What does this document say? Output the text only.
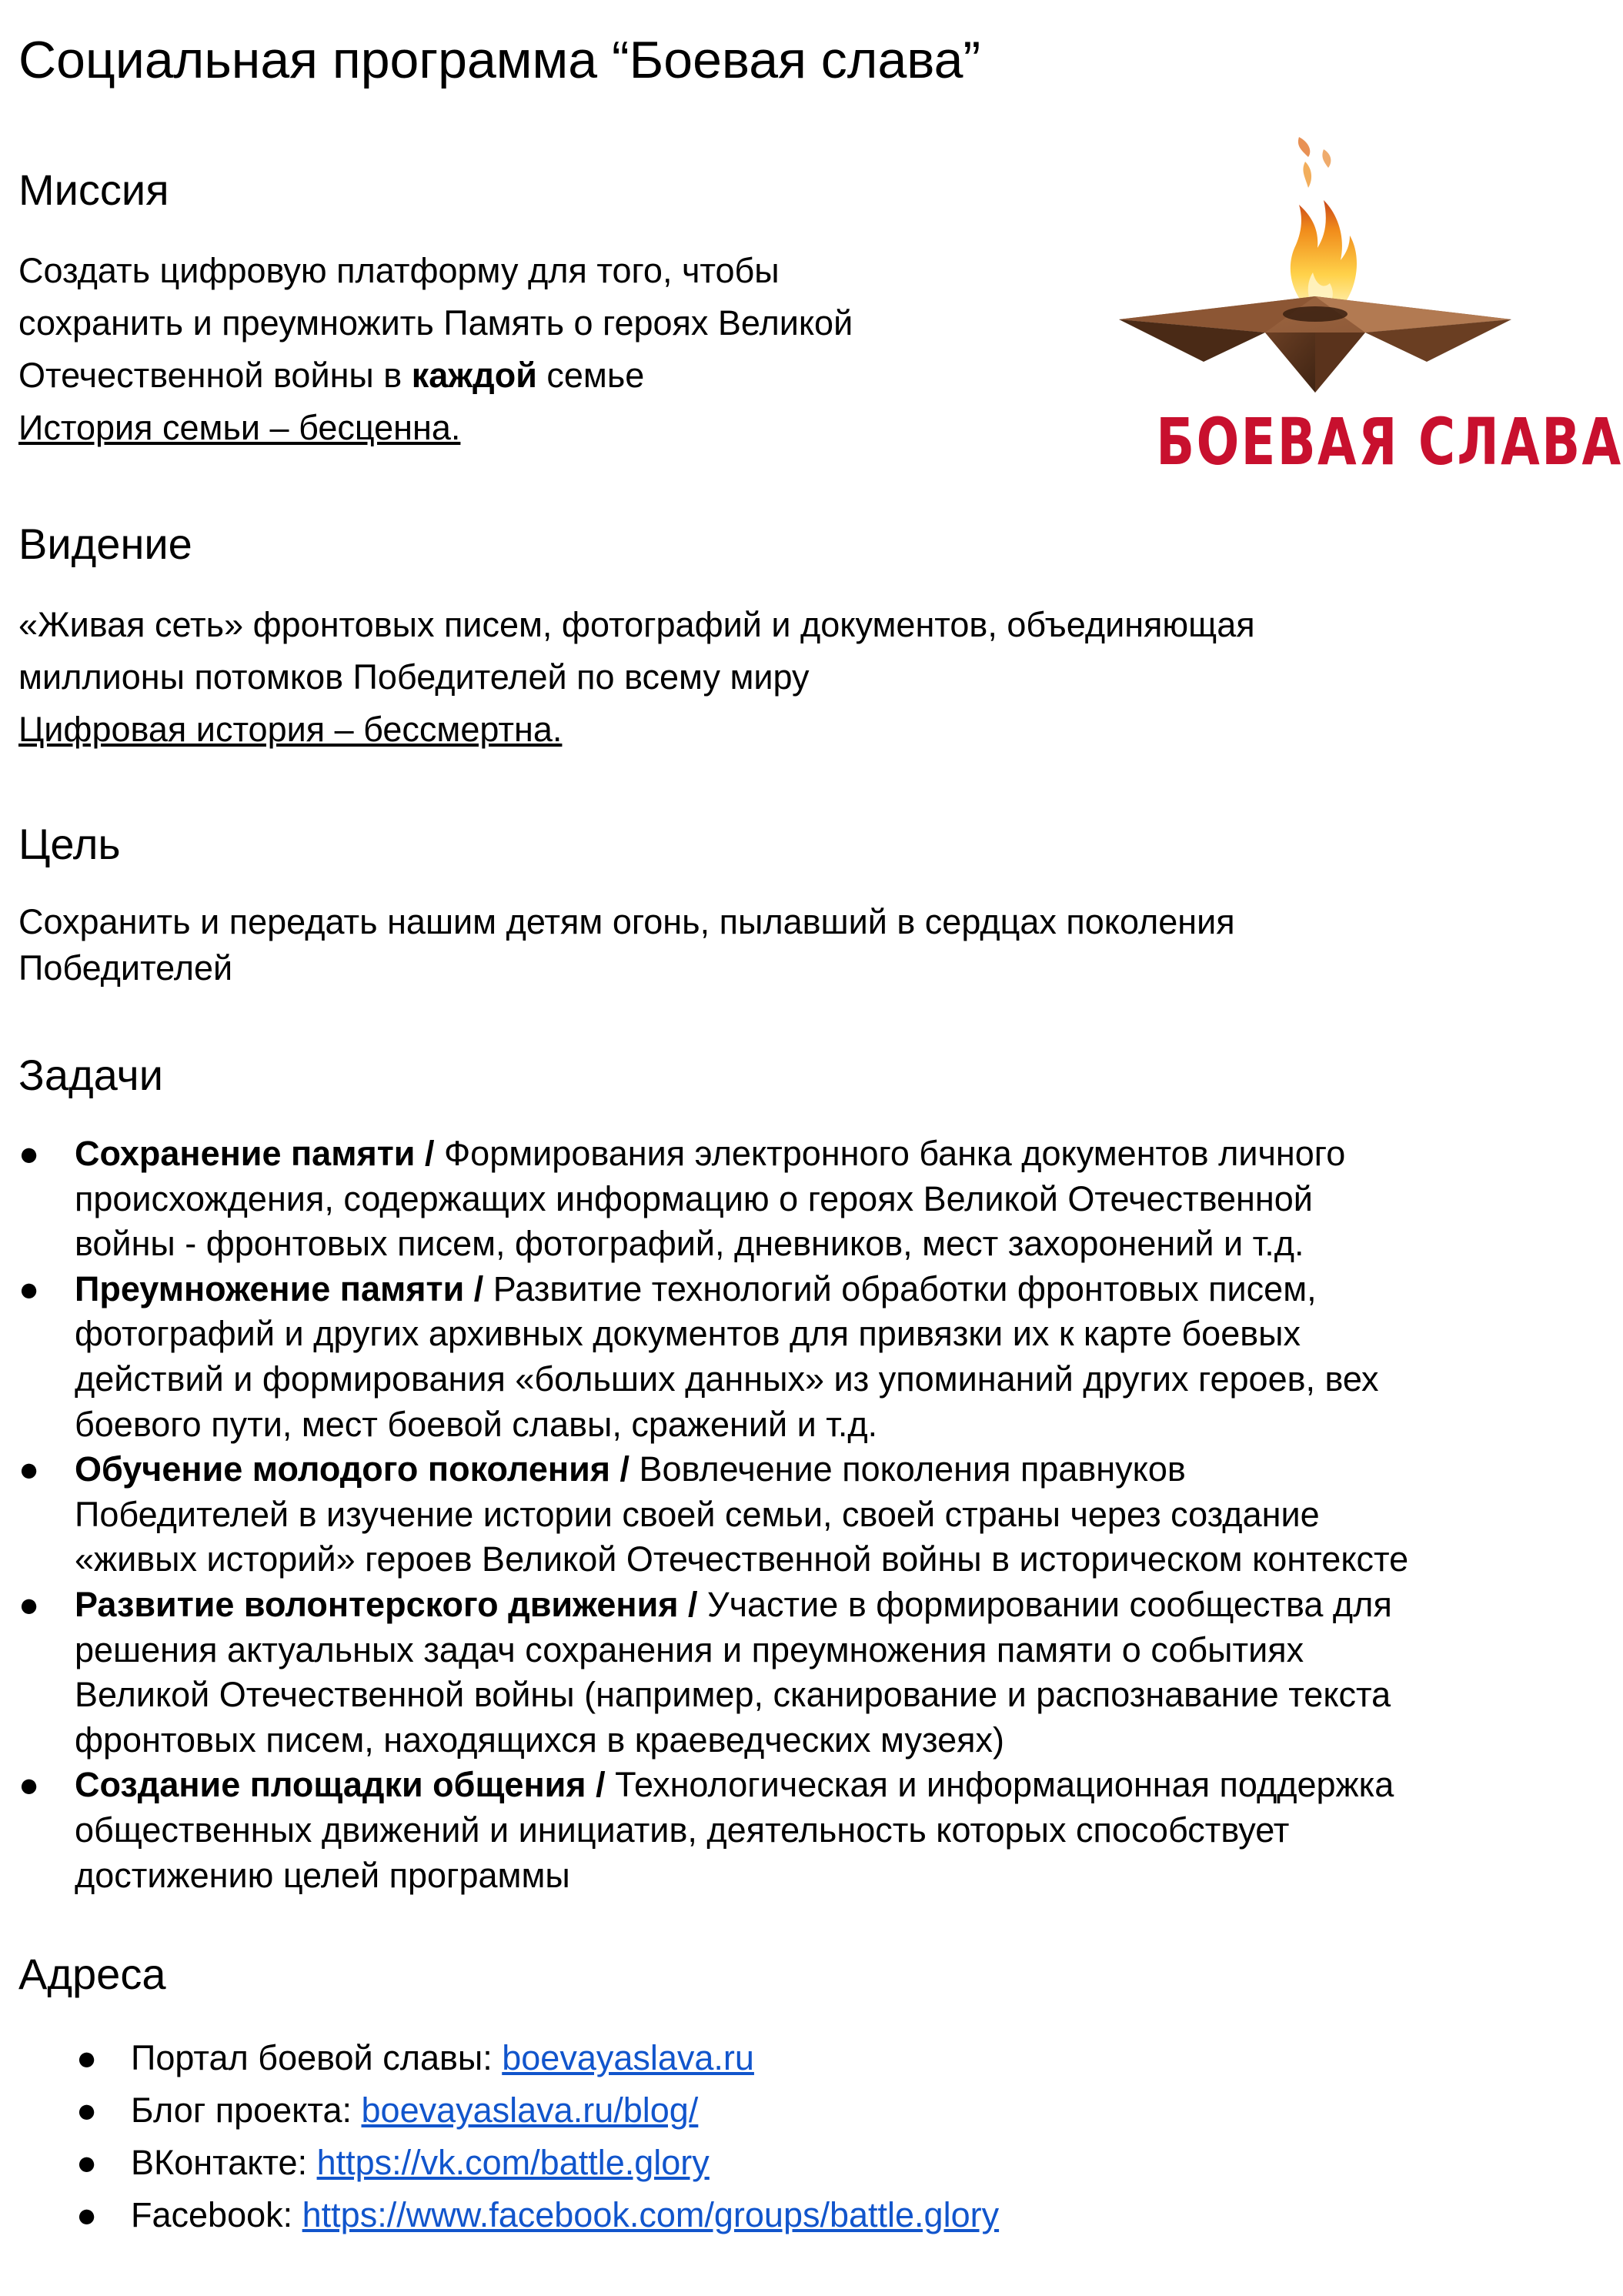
Социальная программа “Боевая слава”
БОЕВАЯ СЛАВА
Миссия
Создать цифровую платформу для того, чтобы
сохранить и преумножить Память о героях Великой
Отечественной войны в каждой семье
История семьи – бесценна.
Видение
«Живая сеть» фронтовых писем, фотографий и документов, объединяющая
миллионы потомков Победителей по всему миру
Цифровая история – бессмертна.
Цель
Сохранить и передать нашим детям огонь, пылавший в сердцах поколения
Победителей
Задачи
● Сохранение памяти / Формирования электронного банка документов личного
происхождения, содержащих информацию о героях Великой Отечественной
войны - фронтовых писем, фотографий, дневников, мест захоронений и т.д.
● Преумножение памяти / Развитие технологий обработки фронтовых писем,
фотографий и других архивных документов для привязки их к карте боевых
действий и формирования «больших данных» из упоминаний других героев, вех
боевого пути, мест боевой славы, сражений и т.д.
● Обучение молодого поколения / Вовлечение поколения правнуков
Победителей в изучение истории своей семьи, своей страны через создание
«живых историй» героев Великой Отечественной войны в историческом контексте
● Развитие волонтерского движения / Участие в формировании сообщества для
решения актуальных задач сохранения и преумножения памяти о событиях
Великой Отечественной войны (например, сканирование и распознавание текста
фронтовых писем, находящихся в краеведческих музеях)
● Создание площадки общения / Технологическая и информационная поддержка
общественных движений и инициатив, деятельность которых способствует
достижению целей программы
Адреса
● Портал боевой славы: boevayaslava.ru
● Блог проекта: boevayaslava.ru/blog/
● ВКонтакте: https://vk.com/battle.glory
● Facebook: https://www.facebook.com/groups/battle.glory
